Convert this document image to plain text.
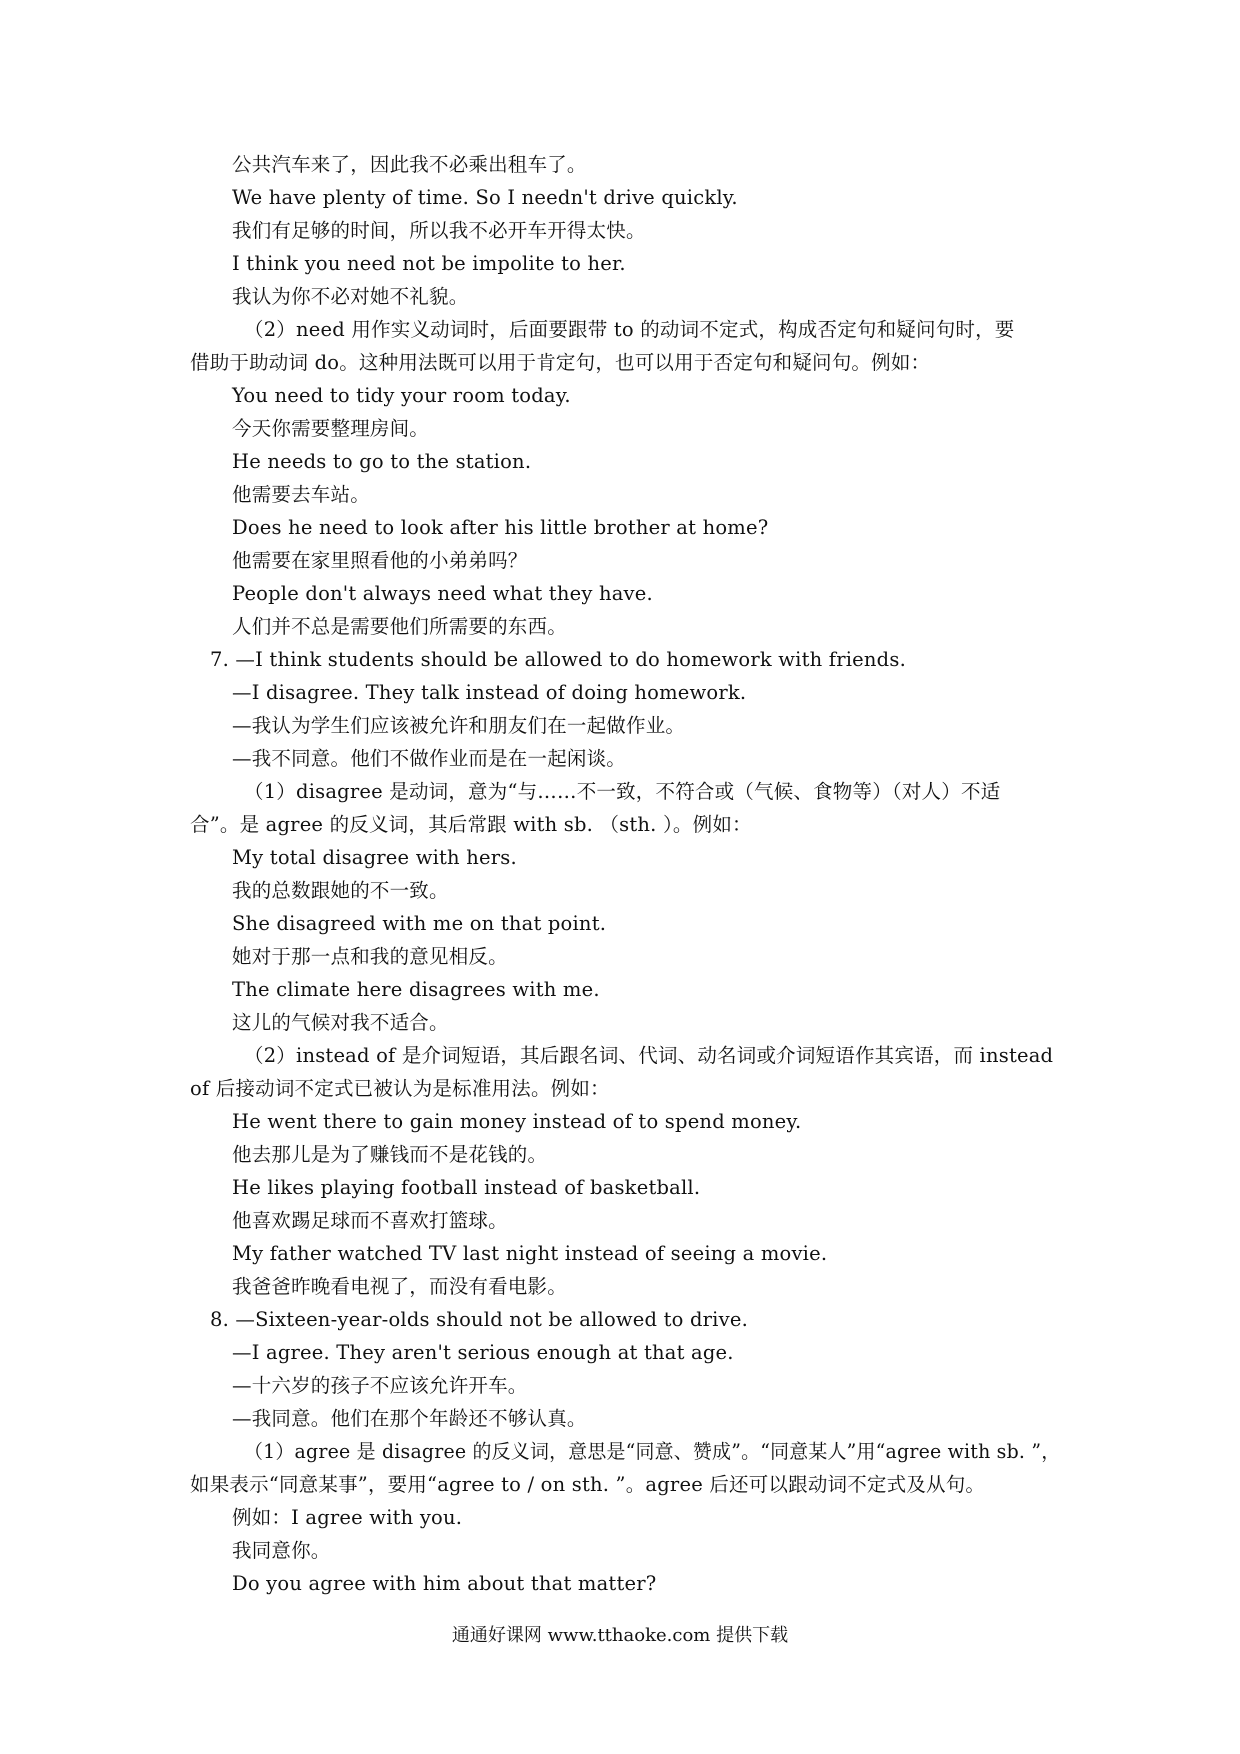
公共汽车来了，因此我不必乘出租车了。
We have plenty of time. So I needn't drive quickly.
我们有足够的时间，所以我不必开车开得太快。
I think you need not be impolite to her.
我认为你不必对她不礼貌。
（2）need 用作实义动词时，后面要跟带 to 的动词不定式，构成否定句和疑问句时，要
借助于助动词 do。这种用法既可以用于肯定句，也可以用于否定句和疑问句。例如：
You need to tidy your room today.
今天你需要整理房间。
He needs to go to the station.
他需要去车站。
Does he need to look after his little brother at home?
他需要在家里照看他的小弟弟吗？
People don't always need what they have.
人们并不总是需要他们所需要的东西。
7. —I think students should be allowed to do homework with friends.
—I disagree. They talk instead of doing homework.
—我认为学生们应该被允许和朋友们在一起做作业。
—我不同意。他们不做作业而是在一起闲谈。
（1）disagree 是动词，意为“与……不一致，不符合或（气候、食物等）（对人）不适
合”。是 agree 的反义词，其后常跟 with sb. （sth. ）。例如：
My total disagree with hers.
我的总数跟她的不一致。
She disagreed with me on that point.
她对于那一点和我的意见相反。
The climate here disagrees with me.
这儿的气候对我不适合。
（2）instead of 是介词短语，其后跟名词、代词、动名词或介词短语作其宾语，而 instead
of 后接动词不定式已被认为是标准用法。例如：
He went there to gain money instead of to spend money.
他去那儿是为了赚钱而不是花钱的。
He likes playing football instead of basketball.
他喜欢踢足球而不喜欢打篮球。
My father watched TV last night instead of seeing a movie.
我爸爸昨晚看电视了，而没有看电影。
8. —Sixteen-year-olds should not be allowed to drive.
—I agree. They aren't serious enough at that age.
—十六岁的孩子不应该允许开车。
—我同意。他们在那个年龄还不够认真。
（1）agree 是 disagree 的反义词，意思是“同意、赞成”。“同意某人”用“agree with sb. ”，
如果表示“同意某事”，要用“agree to / on sth. ”。agree 后还可以跟动词不定式及从句。
例如：I agree with you.
我同意你。
Do you agree with him about that matter?
通通好课网 www.tthaoke.com 提供下载
